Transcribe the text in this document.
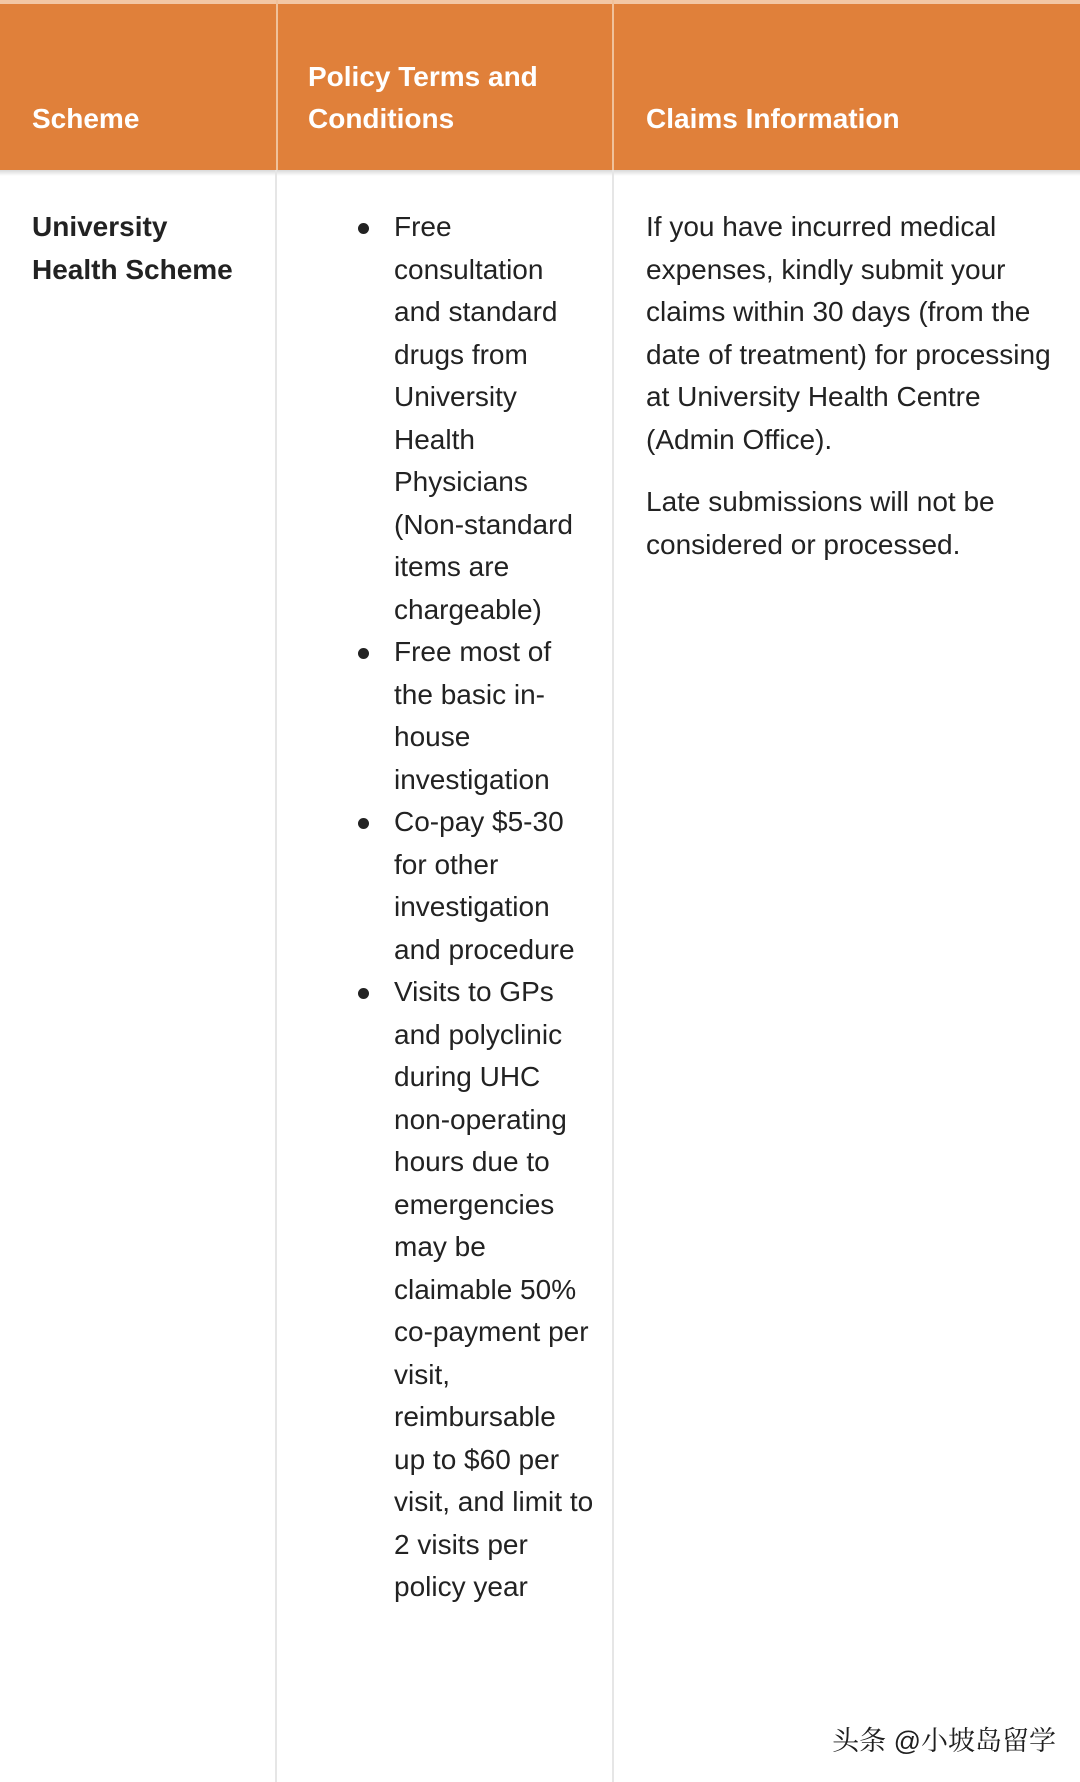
Scheme
Policy Terms and Conditions	Claims Information
University Health Scheme
Free consultation and standard drugs from University Health Physicians (Non-standard items are chargeable)
Free most of the basic in-house investigation
Co-pay $5-30 for other investigation and procedure
Visits to GPs and polyclinic during UHC non-operating hours due to emergencies may be claimable 50% co-payment per visit, reimbursable up to $60 per visit, and limit to 2 visits per policy year

If you have incurred medical expenses, kindly submit your claims within 30 days (from the date of treatment) for processing at University Health Centre (Admin Office).

Late submissions will not be considered or processed.

头条 @小坡岛留学
